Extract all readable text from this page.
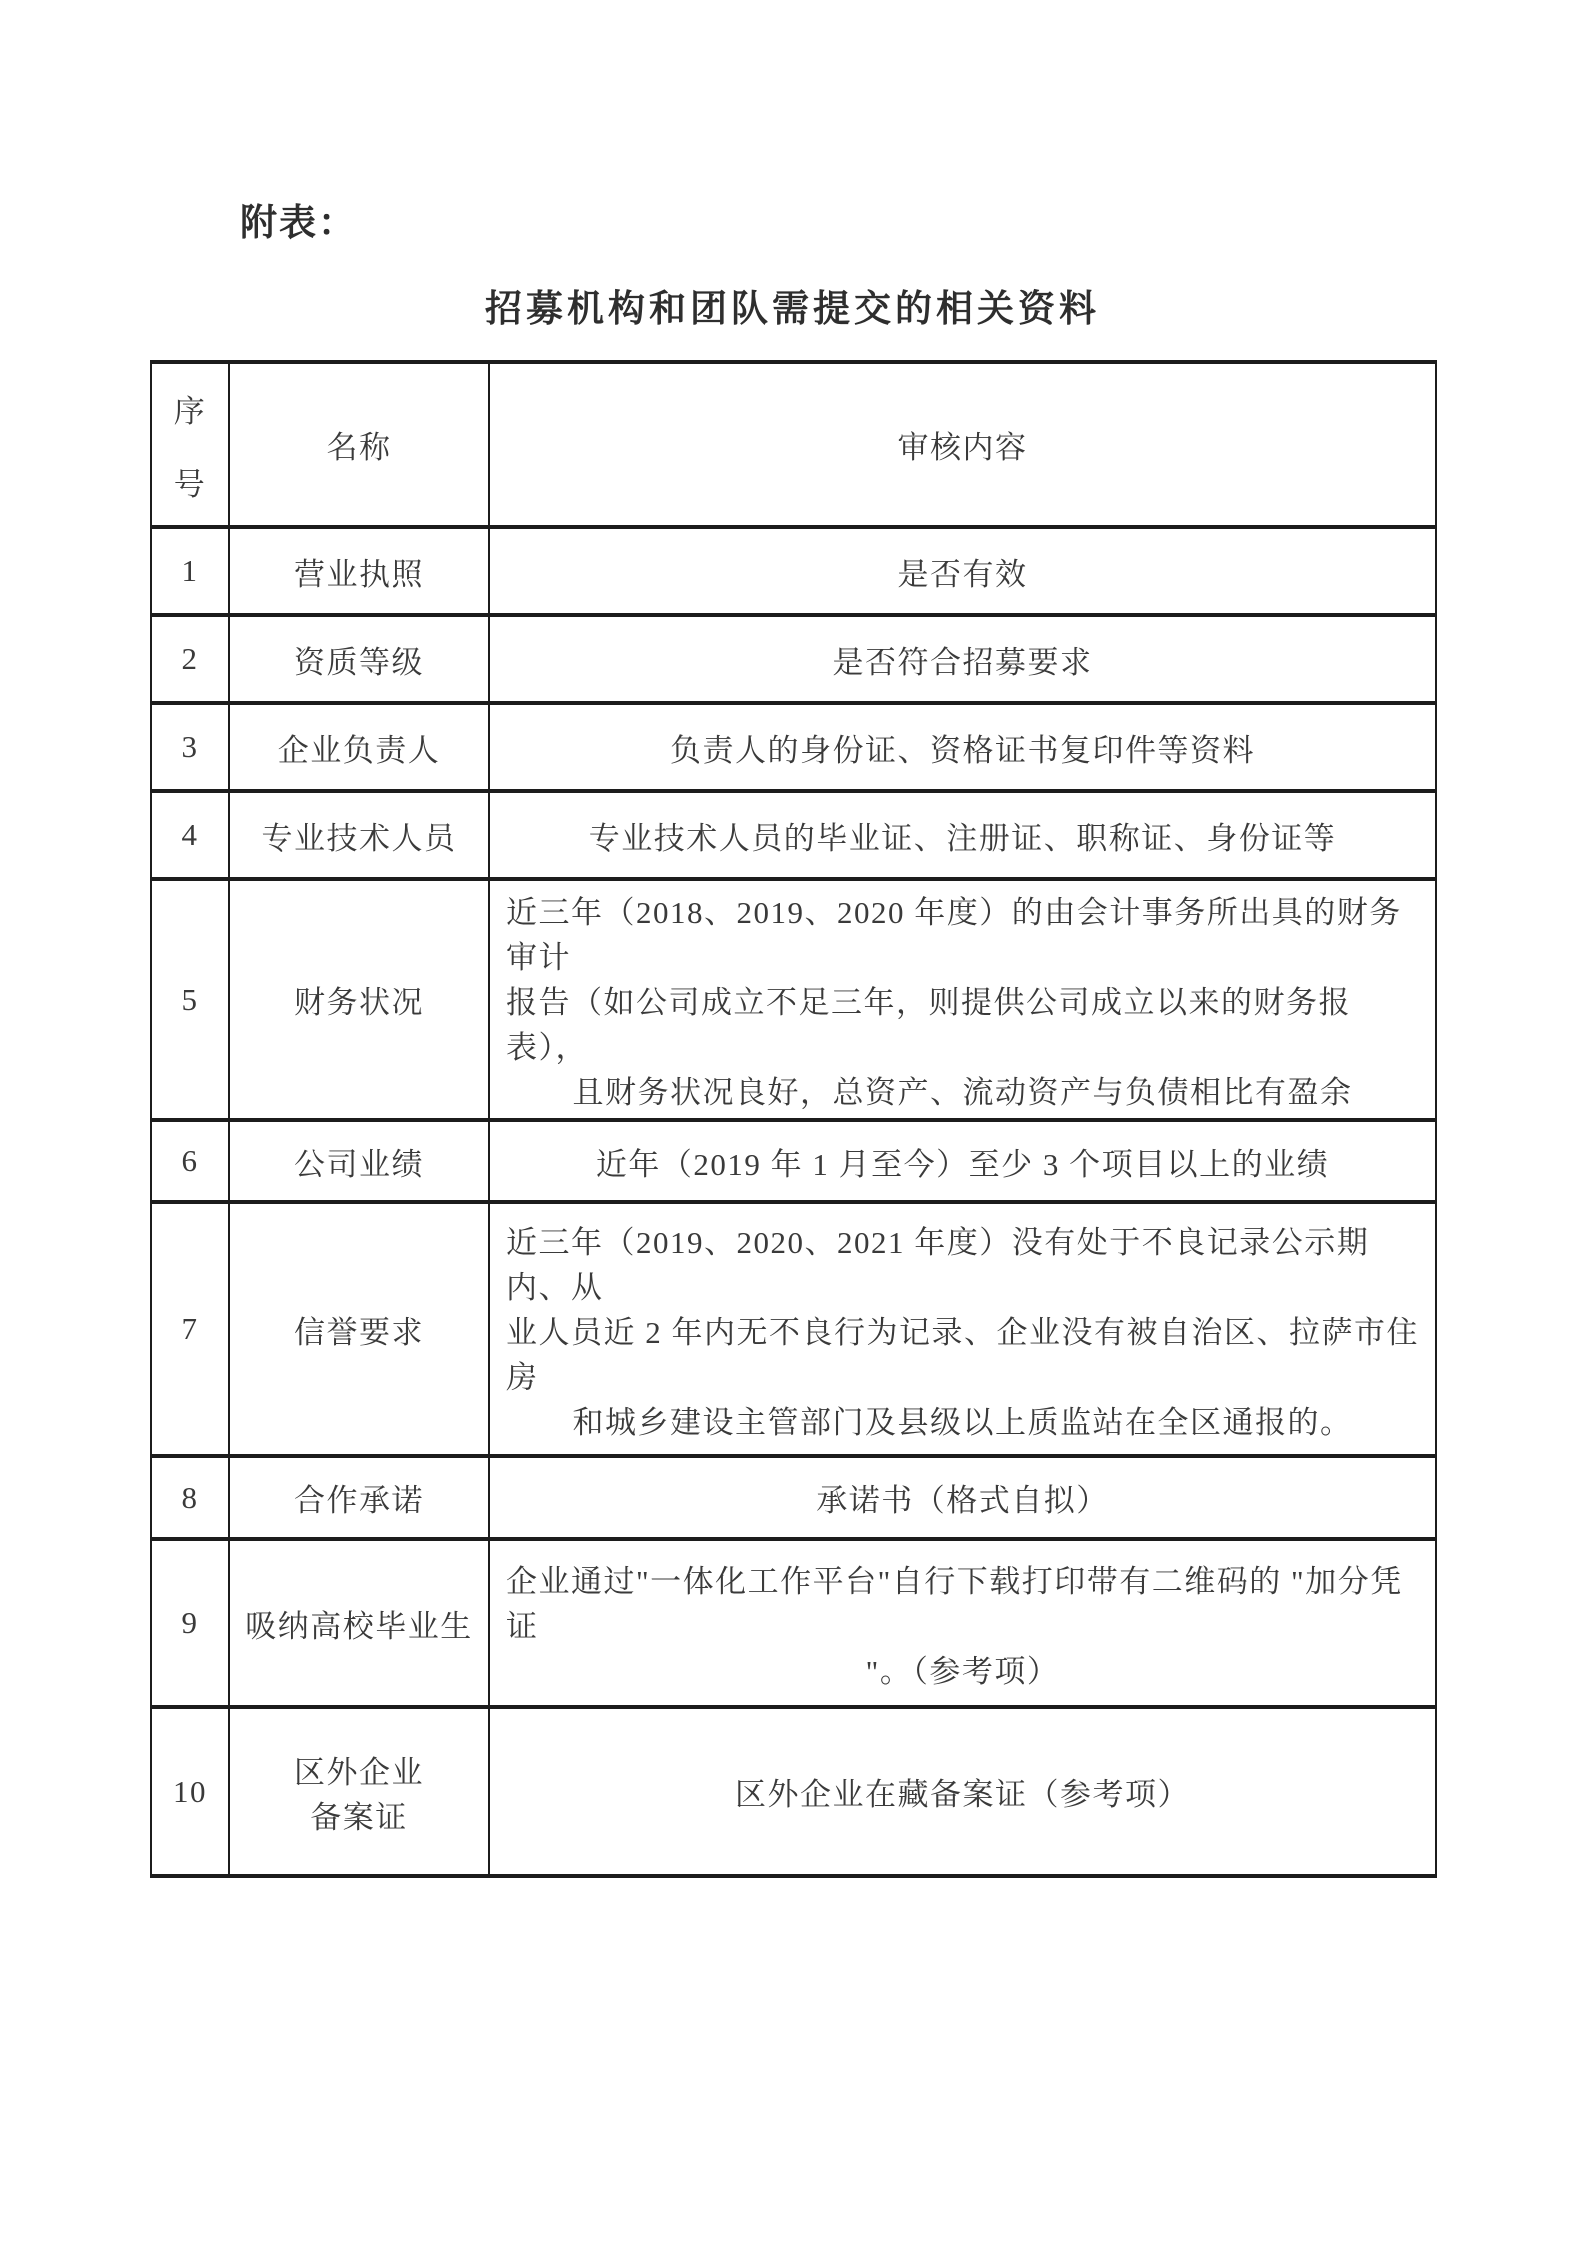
附表：
招募机构和团队需提交的相关资料
序
号	名称	审核内容
1	营业执照	是否有效
2	资质等级	是否符合招募要求
3	企业负责人	负责人的身份证、资格证书复印件等资料
4	专业技术人员	专业技术人员的毕业证、注册证、职称证、身份证等
5	财务状况	近三年（2018、2019、2020 年度）的由会计事务所出具的财务审计
报告（如公司成立不足三年，则提供公司成立以来的财务报表），
且财务状况良好，总资产、流动资产与负债相比有盈余

6	公司业绩	近年（2019 年 1 月至今）至少 3 个项目以上的业绩
7	信誉要求	近三年（2019、2020、2021 年度）没有处于不良记录公示期内、从
业人员近 2 年内无不良行为记录、企业没有被自治区、拉萨市住房
和城乡建设主管部门及县级以上质监站在全区通报的。

8	合作承诺	承诺书（格式自拟）
9	吸纳高校毕业生	企业通过"一体化工作平台"自行下载打印带有二维码的 "加分凭证
"。（参考项）

10	区外企业
备案证	区外企业在藏备案证（参考项）
